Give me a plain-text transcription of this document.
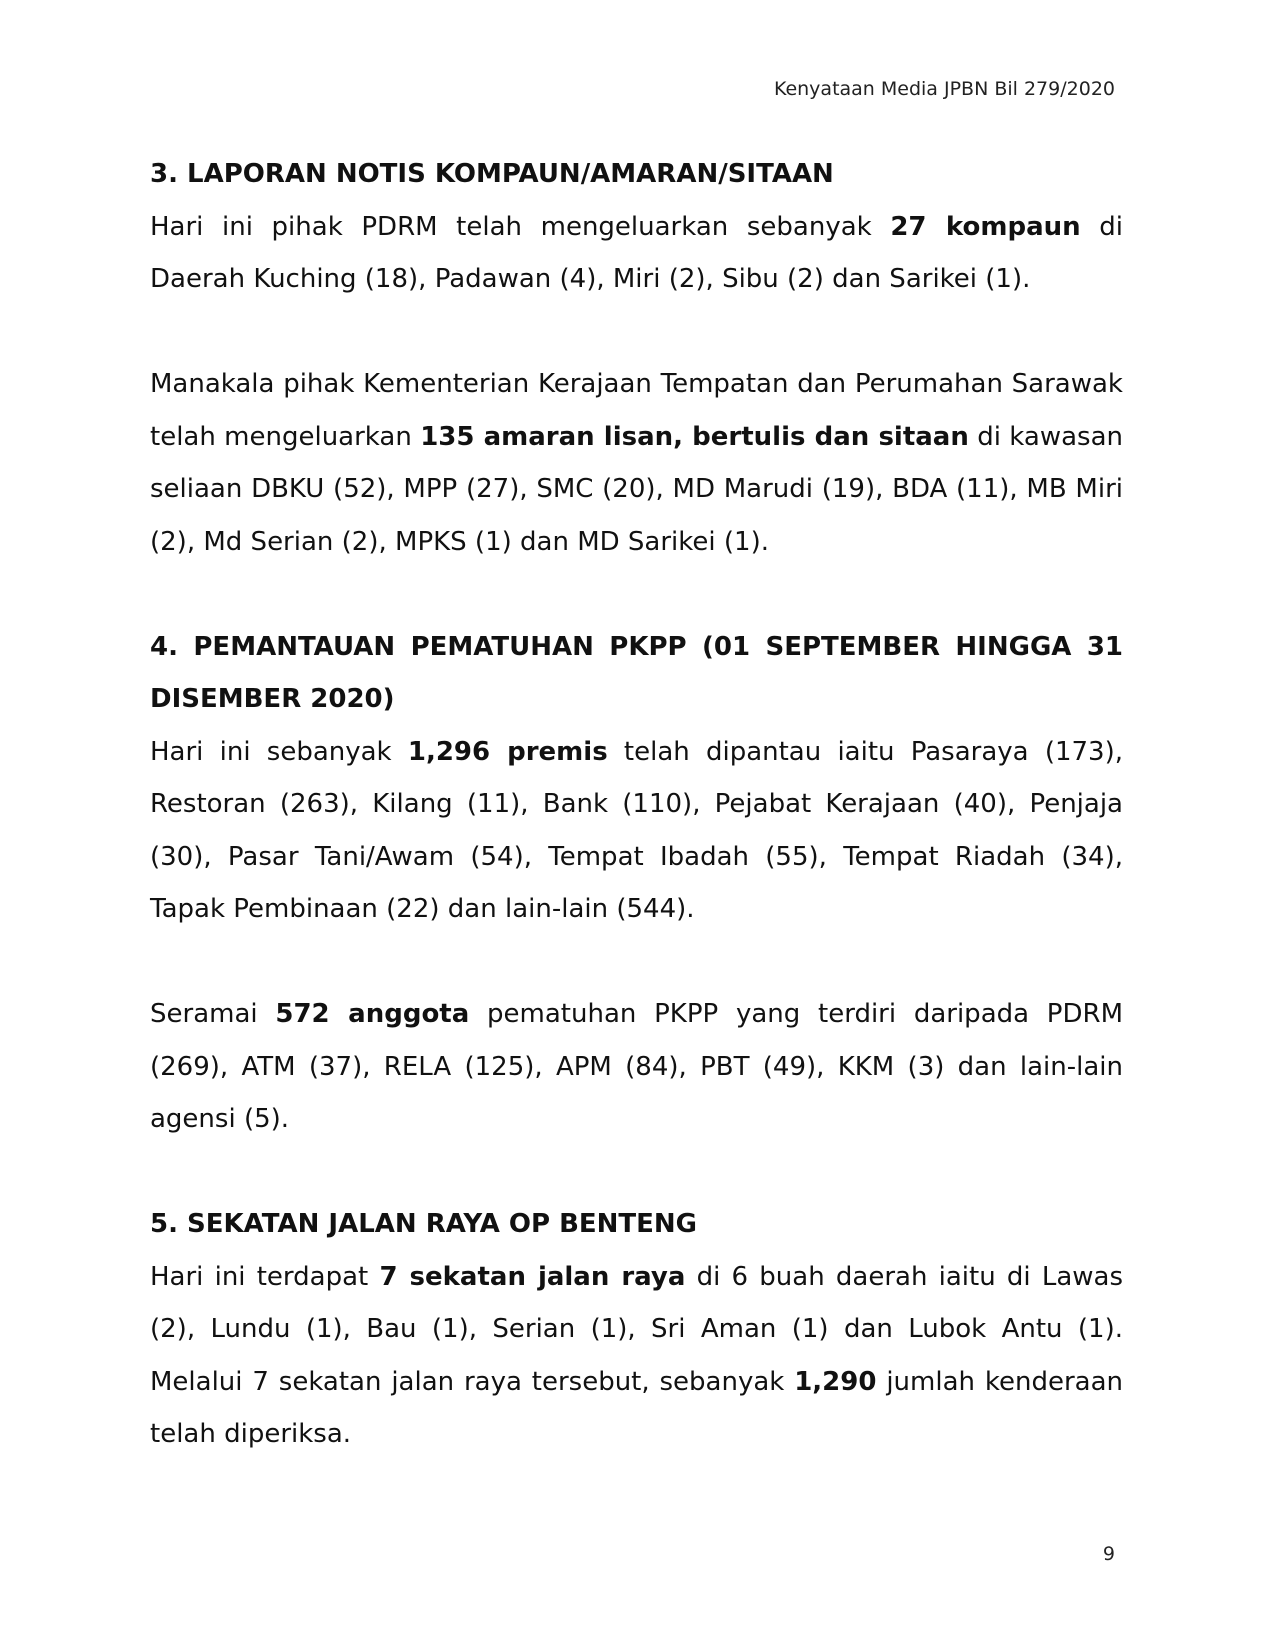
Kenyataan Media JPBN Bil 279/2020
3. LAPORAN NOTIS KOMPAUN/AMARAN/SITAAN

Hari ini pihak PDRM telah mengeluarkan sebanyak 27 kompaun di Daerah Kuching (18), Padawan (4), Miri (2), Sibu (2) dan Sarikei (1).

Manakala pihak Kementerian Kerajaan Tempatan dan Perumahan Sarawak telah mengeluarkan 135 amaran lisan, bertulis dan sitaan di kawasan seliaan DBKU (52), MPP (27), SMC (20), MD Marudi (19), BDA (11), MB Miri (2), Md Serian (2), MPKS (1) dan MD Sarikei (1).

4. PEMANTAUAN PEMATUHAN PKPP (01 SEPTEMBER HINGGA 31 DISEMBER 2020)

Hari ini sebanyak 1,296 premis telah dipantau iaitu Pasaraya (173), Restoran (263), Kilang (11), Bank (110), Pejabat Kerajaan (40), Penjaja (30), Pasar Tani/Awam (54), Tempat Ibadah (55), Tempat Riadah (34), Tapak Pembinaan (22) dan lain-lain (544).

Seramai 572 anggota pematuhan PKPP yang terdiri daripada PDRM (269), ATM (37), RELA (125), APM (84), PBT (49), KKM (3) dan lain-lain agensi (5).

5. SEKATAN JALAN RAYA OP BENTENG

Hari ini terdapat 7 sekatan jalan raya di 6 buah daerah iaitu di Lawas (2), Lundu (1), Bau (1), Serian (1), Sri Aman (1) dan Lubok Antu (1). Melalui 7 sekatan jalan raya tersebut, sebanyak 1,290 jumlah kenderaan telah diperiksa.

9
